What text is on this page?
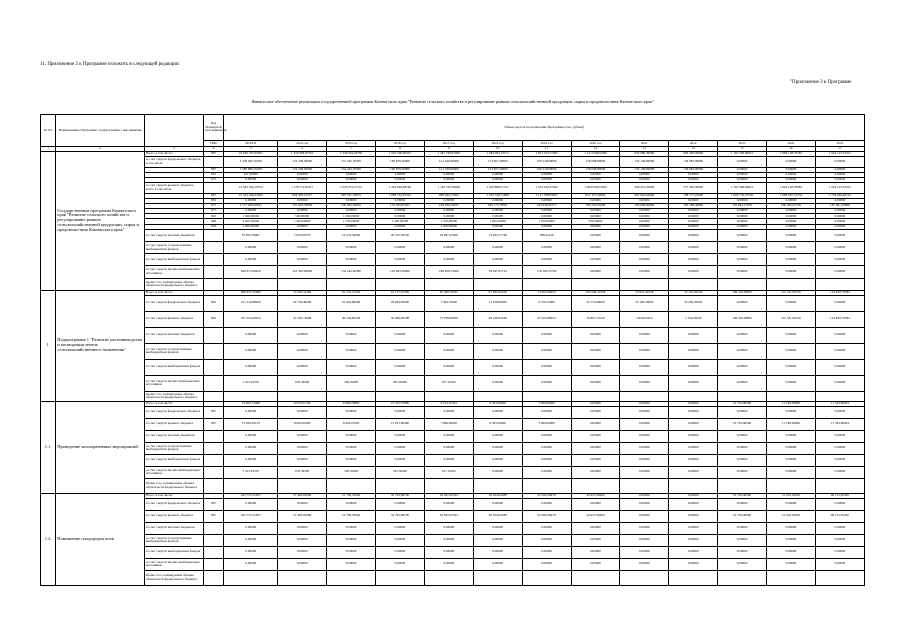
11. Приложение 3 к Программе изложить в следующей редакции:
"Приложение 3 к Программе
Финансовое обеспечение реализации государственной программы Камчатского края "Развитие сельского хозяйства и регулирование рынков сельскохозяйственной продукции, сырья и продовольствия Камчатского края"
№ п/п	Наименование Программы / подпрограммы / мероприятия		Код бюджетной классификации	Объем средств на реализацию Программы (тыс. рублей)												
			ГРБС	ВСЕГО	2014 год	2015 год	2016 год	2017 год	2018 год	2019 год	2020 год	2021	2022	2023	2024	2025
1	2	3	4	5	6	7	8	9	10	11	12	13	14	15	16	17
	Государственная программа Камчатского края "Развитие сельского хозяйства и регулирование рынков сельскохозяйственной продукции, сырья и продовольствия Камчатского края"	Всего, в том числе:	867	16 626 187,65047	1 459 384,97762	1 349 004,42359	1 942 509,06201	1 481 728,97006	1 684 993,19171	1 651 253,71982	1 131 628,01980	932 080,30000	984 348,59000	1 192 509,96612	1 809 128,76183	1 924 125,61612
		за счет средств федерального бюджета, в том числе:		3 258 300,70200	154 198,50000	157 242,70200	169 878,30000	121 240,90000	173 607,20000	199 518,60000	128 008,80000	134 128,90000	126 983,00000	0,00000	0,00000	0,00000
			867	1 586 869,70200	154 198,50000	154 242,70200	169 878,30000	121 240,90000	173 607,20000	199 518,60000	128 008,80000	134 128,90000	126 983,00000	0,00000	0,00000	0,00000
			852	251,00000	0,00000	0,00000	0,00000	0,00000	0,00000	0,00000	0,00000	0,00000	0,00000	0,00000	0,00000	0,00000
			875	0,00000	0,00000	0,00000	0,00000	0,00000	0,00000	0,00000	0,00000	0,00000	0,00000	0,00000	0,00000	0,00000
		за счет средств краевого бюджета, всего, в том числе		14 583 526,10754	1 178 711,99117	1 020 215,27741	1 261 664,08746	1 162 762,58046	1 228 886,57721	1 333 342,47692	1 004 938,07000	299 451,20000	377 365,59000	1 763 309,96612	1 804 128,76683	1 924 125,61612
			867	12 323 540,24560	958 393,21317	987 911,78875	1 089 745,03322	989 962,13564	1 032 349,71868	1 137 788,83287	817 375,59000	282 842,62600	198 177,22200	1 084 735,79742	1 669 967,74734	1 736 664,40723
			852	0,00000	0,00000	0,00000	0,00000	0,00000	0,00000	0,00000	0,00000	0,00000	0,00000	0,00000	0,00000	0,00000
			875	2 177 268,20691	101 818,78000	149 863,46650	170 939,87422	169 838,24937	180 175,79381	193 936,62777	188 503,03286	196 608,60600	192 188,36800	116 844,17870	186 265,07749	187 461,20898
			877	0,00000	0,00000	0,00000	0,00000	0,00000	0,00000	0,00000	0,00000	0,00000	0,00000	0,00000	0,00000	0,00000
			843	1 500,00000	500,00000	1 000,00000	0,00000	0,00000	0,00000	0,00000	0,00000	0,00000	0,00000	0,00000	0,00000	0,00000
			848	9 920,50000	1 400,00000	1 700,00000	1 200,00000	1 700,00000	1 200,00000	1 700,00000	500,00000	0,00000	0,00000	0,00000	0,00000	0,00000
			854	2 000,00000	0,00000	0,00000	0,00000	2 000,00000	0,00000	0,00000	0,00000	0,00000	0,00000	0,00000	0,00000	0,00000
		за счет средств местных бюджетов		76 855,18067	7 653,87035	16 274,39000	20 276,59520	18 097,67000	13 945,57748	388,41229	0,00000	0,00000	0,00000	0,00000	0,00000	0,00000
		за счет средств государственных внебюджетных фондов		0,00000	0,00000	0,00000	0,00000	0,00000	0,00000	0,00000	0,00000	0,00000	0,00000	0,00000	0,00000	0,00000
		за счет средств внебюджетных фондов		0,00000	0,00000	0,00000	0,00000	0,00000	0,00000	0,00000	0,00000	0,00000	0,00000	0,00000	0,00000	0,00000
		за счет средств прочих внебюджетных источников		649 672,99450	116 329,06000	154 242,46380	103 063,20000	188 208,13460	58 447,91734	119 292,23790	0,00000	0,00000	0,00000	0,00000	0,00000	0,00000
		Кроме того, планируемые объемы обязательств федерального бюджета														
1.	Подпрограмма 1 "Развитие растениеводства и мелиорации земель сельскохозяйственного назначения"	Всего, в том числе:		990 837,32099	72 604,54486	81 535,47429	81 137,07289	82 388,76565	81 995,62458	74 895,99950	305 068,45358	35 832,34558	35 152,20526	108 226,09862	112 541,69720	124 858,79584
		за счет средств федерального бюджета	867	211 219,80000	24 734,40000	35 434,80000	29 064,00000	7 394,70000	12 628,60000	6 376,70000	32 772,90000	33 196,30000	35 256,20000	0,00000	0,00000	0,00000
		за счет средств краевого бюджета	867	767 204,49974	47 203,74998	49 164,62249	56 099,09788	75 078,96630	69 248,02438	67 925,89953	76 807,72526	2 840,63325	1 356,39526	108 226,98862	112 541,69720	124 858,79584
		за счет средств местных бюджетов		0,00000	0,00000	0,00000	0,00000	0,00000	0,00000	0,00000	0,00000	0,00000	0,00000	0,00000	0,00000	0,00000
		за счет средств государственных внебюджетных фондов		0,00000	0,00000	0,00000	0,00000	0,00000	0,00000	0,00000	0,00000	0,00000	0,00000	0,00000	0,00000	0,00000
		за счет средств внебюджетных фондов		0,00000	0,00000	0,00000	0,00000	0,00000	0,00000	0,00000	0,00000	0,00000	0,00000	0,00000	0,00000	0,00000
		за счет средств прочих внебюджетных источников		1 413,45335	676,39500	526,35000	303,59500	107,10435	0,00000	0,00000	0,00000	0,00000	0,00000	0,00000	0,00000	0,00000
		Кроме того, планируемые объемы обязательств федерального бюджета														
1.1.	Проведение мелиоративных мероприятий	Всего, в том числе:		74 662,74468	8 679,01180	8 968,20883	15 335,55880	8 103,10361	6 305,00000	5 999,99969	0,00000	0,00000	0,00000	10 752,00000	11 189,09960	11 563,80624
		за счет средств федерального бюджета	867	0,00000	0,00000	0,00000	0,00000	0,00000	0,00000	0,00000	0,00000	0,00000	0,00000	0,00000	0,00000	0,00000
		за счет средств краевого бюджета	867	73 209,29133	8 002,61680	8 442,05583	15 031,96380	7 996,99926	6 305,00000	5 999,99969	0,00000	0,00000	0,00000	10 752,00000	11 189,09960	11 563,80624
		за счет средств местных бюджетов		0,00000	0,00000	0,00000	0,00000	0,00000	0,00000	0,00000	0,00000	0,00000	0,00000	0,00000	0,00000	0,00000
		за счет средств государственных внебюджетных фондов		0,00000	0,00000	0,00000	0,00000	0,00000	0,00000	0,00000	0,00000	0,00000	0,00000	0,00000	0,00000	0,00000
		за счет средств внебюджетных фондов		0,00000	0,00000	0,00000	0,00000	0,00000	0,00000	0,00000	0,00000	0,00000	0,00000	0,00000	0,00000	0,00000
		за счет средств прочих внебюджетных источников		1 413,45335	676,39500	526,35000	303,59500	107,10435	0,00000	0,00000	0,00000	0,00000	0,00000	0,00000	0,00000	0,00000
		Кроме того, планируемые объемы обязательств федерального бюджета														
1.2.	Повышение плодородия почв	Всего, в том числе:		423 755,31837	27 493,95080	21 799,79640	32 793,08700	50 832,45594	56 634,02288	41 094,38478	44 927,99490	0,00000	0,00000	55 705,40000	51 010,30920	60 131,02465
		за счет средств федерального бюджета	867	0,00000	0,00000	0,00000	0,00000	0,00000	0,00000	0,00000	0,00000	0,00000	0,00000	0,00000	0,00000	0,00000
		за счет средств краевого бюджета	867	423 755,31837	27 493,95080	21 799,79640	32 793,08700	50 832,45594	56 634,02288	41 094,38478	44 927,99490	0,00000	0,00000	55 705,40000	51 010,30920	60 131,02465
		за счет средств местных бюджетов		0,00000	0,00000	0,00000	0,00000	0,00000	0,00000	0,00000	0,00000	0,00000	0,00000	0,00000	0,00000	0,00000
		за счет средств государственных внебюджетных фондов		0,00000	0,00000	0,00000	0,00000	0,00000	0,00000	0,00000	0,00000	0,00000	0,00000	0,00000	0,00000	0,00000
		за счет средств внебюджетных фондов		0,00000	0,00000	0,00000	0,00000	0,00000	0,00000	0,00000	0,00000	0,00000	0,00000	0,00000	0,00000	0,00000
		за счет средств прочих внебюджетных источников		0,00000	0,00000	0,00000	0,00000	0,00000	0,00000	0,00000	0,00000	0,00000	0,00000	0,00000	0,00000	0,00000
		Кроме того, планируемые объемы обязательств федерального бюджета														
